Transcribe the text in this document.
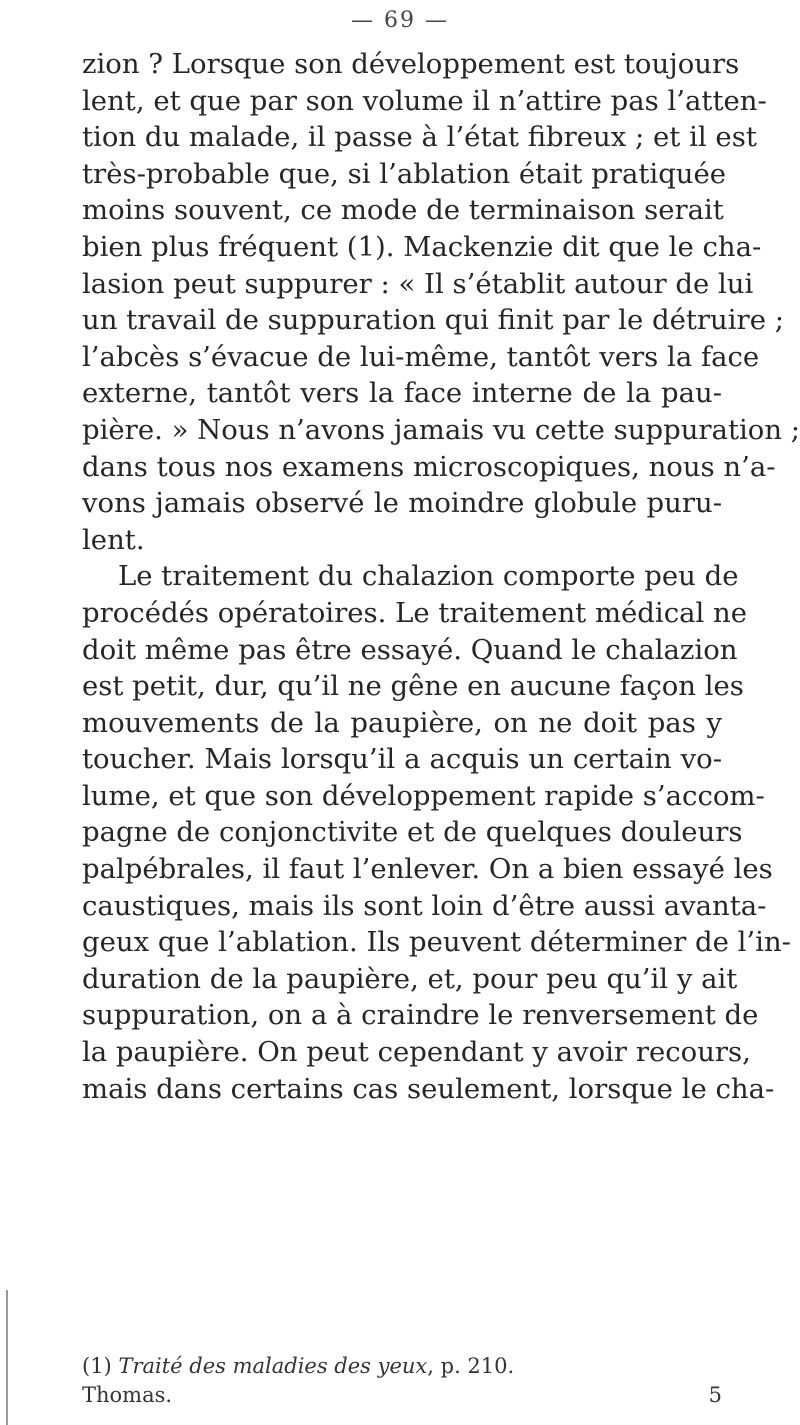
— 69 —
zion ? Lorsque son développement est toujours
lent, et que par son volume il n’attire pas l’atten-
tion du malade, il passe à l’état fibreux ; et il est
très-probable que, si l’ablation était pratiquée
moins souvent, ce mode de terminaison serait
bien plus fréquent (1). Mackenzie dit que le cha-
lasion peut suppurer : « Il s’établit autour de lui
un travail de suppuration qui finit par le détruire ;
l’abcès s’évacue de lui-même, tantôt vers la face
externe, tantôt vers la face interne de la pau-
pière. » Nous n’avons jamais vu cette suppuration ;
dans tous nos examens microscopiques, nous n’a-
vons jamais observé le moindre globule puru-
lent.
Le traitement du chalazion comporte peu de
procédés opératoires. Le traitement médical ne
doit même pas être essayé. Quand le chalazion
est petit, dur, qu’il ne gêne en aucune façon les
mouvements de la paupière, on ne doit pas y
toucher. Mais lorsqu’il a acquis un certain vo-
lume, et que son développement rapide s’accom-
pagne de conjonctivite et de quelques douleurs
palpébrales, il faut l’enlever. On a bien essayé les
caustiques, mais ils sont loin d’être aussi avanta-
geux que l’ablation. Ils peuvent déterminer de l’in-
duration de la paupière, et, pour peu qu’il y ait
suppuration, on a à craindre le renversement de
la paupière. On peut cependant y avoir recours,
mais dans certains cas seulement, lorsque le cha-
(1) Traité des maladies des yeux, p. 210.
Thomas.	5
